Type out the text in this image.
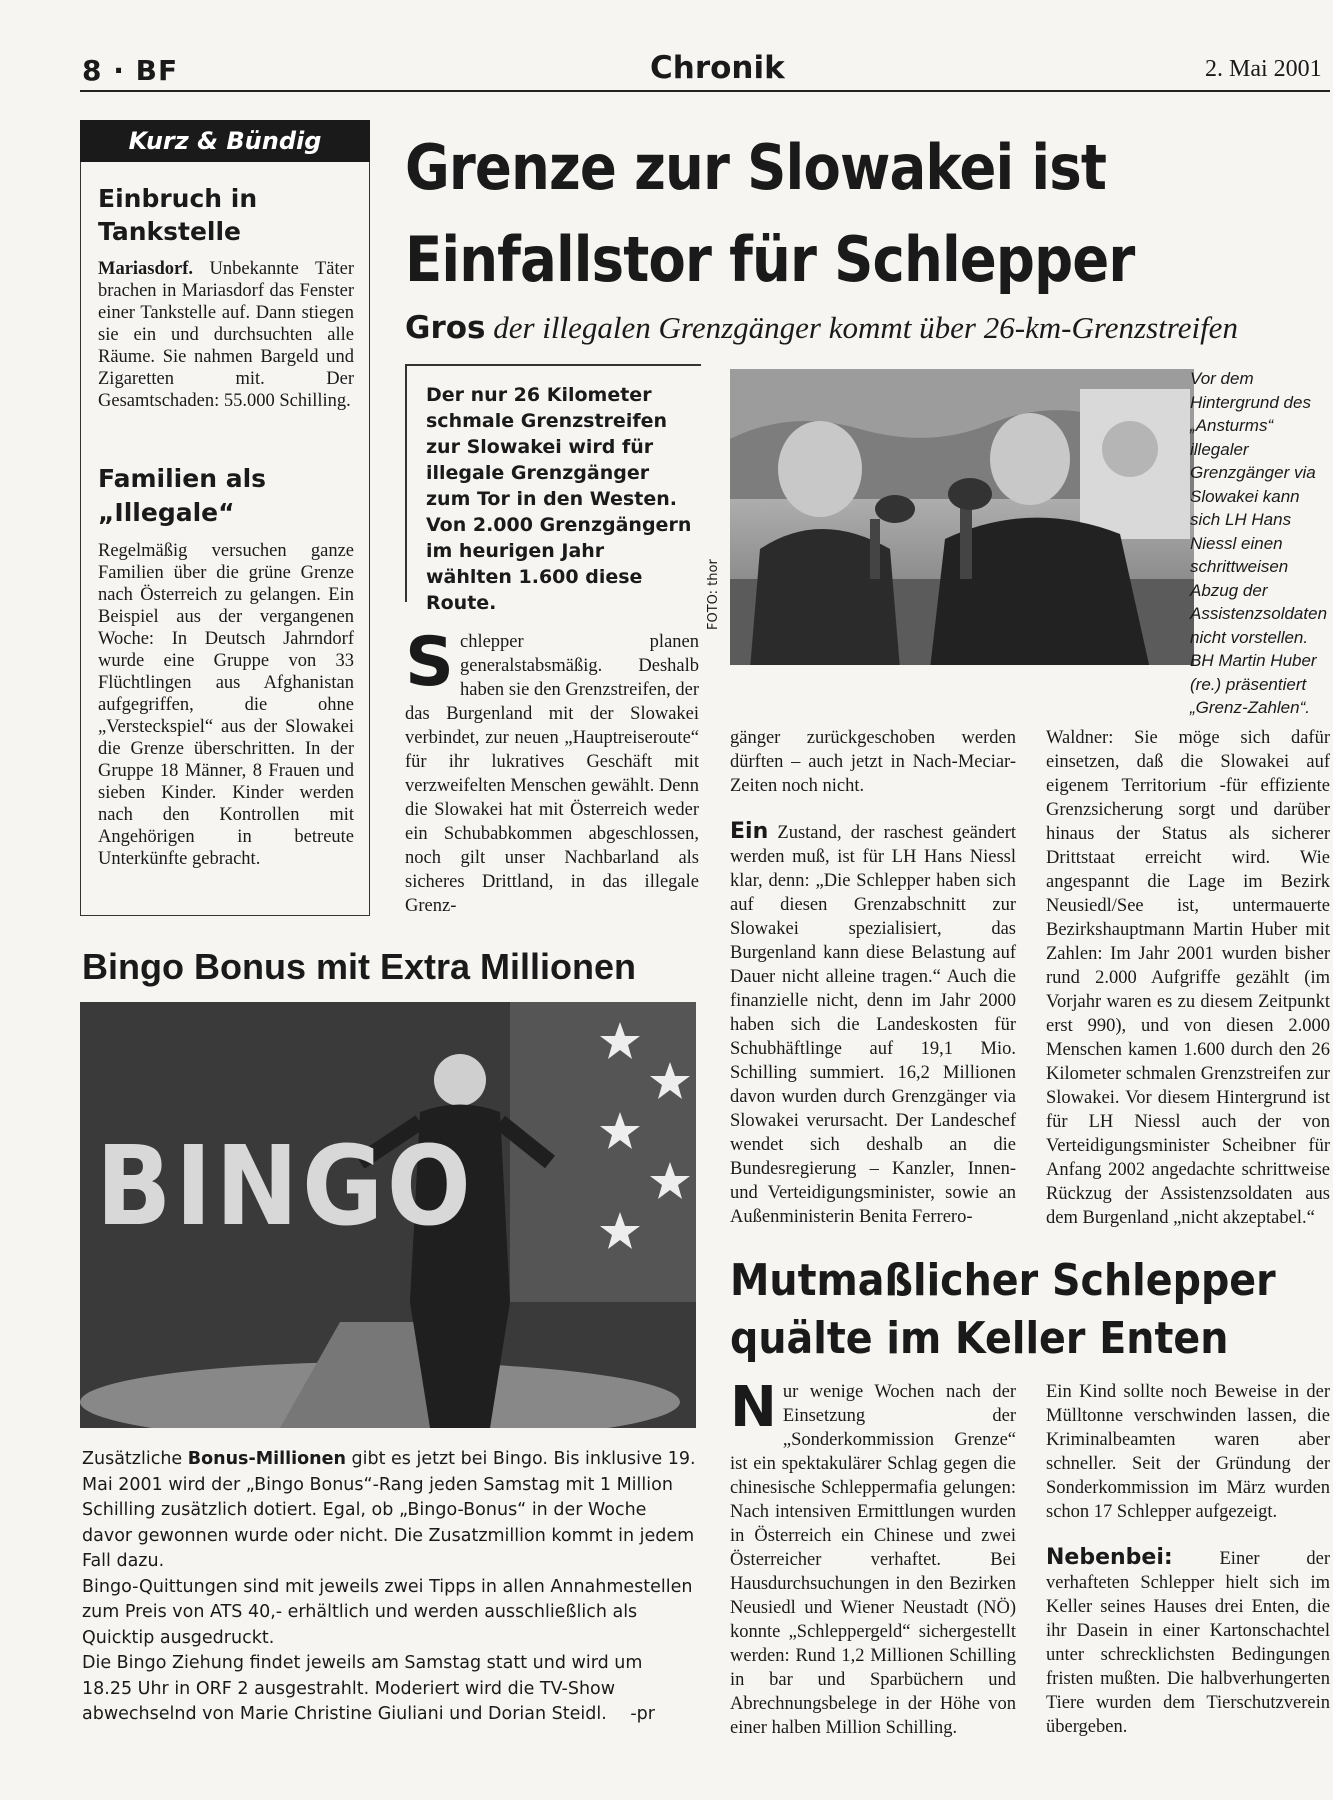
8 · BF	Chronik	2. Mai 2001
Kurz & Bündig
Einbruch in
Tankstelle
Mariasdorf. Unbekannte Täter brachen in Mariasdorf das Fenster einer Tankstelle auf. Dann stiegen sie ein und durchsuchten alle Räume. Sie nahmen Bargeld und Zigaretten mit. Der Gesamtschaden: 55.000 Schilling.
Familien als
„Illegale“
Regelmäßig versuchen ganze Familien über die grüne Grenze nach Österreich zu gelangen. Ein Beispiel aus der vergangenen Woche: In Deutsch Jahrndorf wurde eine Gruppe von 33 Flüchtlingen aus Afghanistan aufgegriffen, die ohne „Versteckspiel“ aus der Slowakei die Grenze überschritten. In der Gruppe 18 Männer, 8 Frauen und sieben Kinder. Kinder werden nach den Kontrollen mit Angehörigen in betreute Unterkünfte gebracht.
Grenze zur Slowakei ist
Einfallstor für Schlepper
Gros der illegalen Grenzgänger kommt über 26-km-Grenzstreifen
Der nur 26 Kilometer schmale Grenzstreifen zur Slowakei wird für illegale Grenzgänger zum Tor in den Westen. Von 2.000 Grenzgängern im heurigen Jahr wählten 1.600 diese Route.	FOTO: thor
Vor dem Hintergrund des „Ansturms“ illegaler Grenzgänger via Slowakei kann sich LH Hans Niessl einen schrittweisen Abzug der Assistenzsoldaten nicht vorstellen. BH Martin Huber (re.) präsentiert „Grenz-Zahlen“.
Schlepper planen generalstabsmäßig. Deshalb haben sie den Grenzstreifen, der das Burgenland mit der Slowakei verbindet, zur neuen „Hauptreiseroute“ für ihr lukratives Geschäft mit verzweifelten Menschen gewählt. Denn die Slowakei hat mit Österreich weder ein Schubabkommen abgeschlossen, noch gilt unser Nachbarland als sicheres Drittland, in das illegale Grenz-
gänger zurückgeschoben werden dürften – auch jetzt in Nach-Meciar-Zeiten noch nicht.
Ein Zustand, der raschest geändert werden muß, ist für LH Hans Niessl klar, denn: „Die Schlepper haben sich auf diesen Grenzabschnitt zur Slowakei spezialisiert, das Burgenland kann diese Belastung auf Dauer nicht alleine tragen.“ Auch die finanzielle nicht, denn im Jahr 2000 haben sich die Landeskosten für Schubhäftlinge auf 19,1 Mio. Schilling summiert. 16,2 Millionen davon wurden durch Grenzgänger via Slowakei verursacht. Der Landeschef wendet sich deshalb an die Bundesregierung – Kanzler, Innen- und Verteidigungsminister, sowie an Außenministerin Benita Ferrero-
Waldner: Sie möge sich dafür einsetzen, daß die Slowakei auf eigenem Territorium -für effiziente Grenzsicherung sorgt und darüber hinaus der Status als sicherer Drittstaat erreicht wird. Wie angespannt die Lage im Bezirk Neusiedl/See ist, untermauerte Bezirkshauptmann Martin Huber mit Zahlen: Im Jahr 2001 wurden bisher rund 2.000 Aufgriffe gezählt (im Vorjahr waren es zu diesem Zeitpunkt erst 990), und von diesen 2.000 Menschen kamen 1.600 durch den 26 Kilometer schmalen Grenzstreifen zur Slowakei. Vor diesem Hintergrund ist für LH Niessl auch der von Verteidigungsminister Scheibner für Anfang 2002 angedachte schrittweise Rückzug der Assistenzsoldaten aus dem Burgenland „nicht akzeptabel.“
Bingo Bonus mit Extra Millionen
BINGO
Zusätzliche Bonus-Millionen gibt es jetzt bei Bingo. Bis inklusive 19. Mai 2001 wird der „Bingo Bonus“-Rang jeden Samstag mit 1 Million Schilling zusätzlich dotiert. Egal, ob „Bingo-Bonus“ in der Woche davor gewonnen wurde oder nicht. Die Zusatzmillion kommt in jedem Fall dazu.
Bingo-Quittungen sind mit jeweils zwei Tipps in allen Annahmestellen zum Preis von ATS 40,- erhältlich und werden ausschließlich als Quicktip ausgedruckt.
Die Bingo Ziehung findet jeweils am Samstag statt und wird um 18.25 Uhr in ORF 2 ausgestrahlt. Moderiert wird die TV-Show abwechselnd von Marie Christine Giuliani und Dorian Steidl. -pr
Mutmaßlicher Schlepper
quälte im Keller Enten
Nur wenige Wochen nach der Einsetzung der „Sonderkommission Grenze“ ist ein spektakulärer Schlag gegen die chinesische Schleppermafia gelungen: Nach intensiven Ermittlungen wurden in Österreich ein Chinese und zwei Österreicher verhaftet. Bei Hausdurchsuchungen in den Bezirken Neusiedl und Wiener Neustadt (NÖ) konnte „Schleppergeld“ sichergestellt werden: Rund 1,2 Millionen Schilling in bar und Sparbüchern und Abrechnungsbelege in der Höhe von einer halben Million Schilling.
Ein Kind sollte noch Beweise in der Mülltonne verschwinden lassen, die Kriminalbeamten waren aber schneller. Seit der Gründung der Sonderkommission im März wurden schon 17 Schlepper aufgezeigt.
Nebenbei:	Einer der verhafteten Schlepper hielt sich im Keller seines Hauses drei Enten, die ihr Dasein in einer Kartonschachtel unter schrecklichsten Bedingungen fristen mußten. Die halbverhungerten Tiere wurden dem Tierschutzverein übergeben.
